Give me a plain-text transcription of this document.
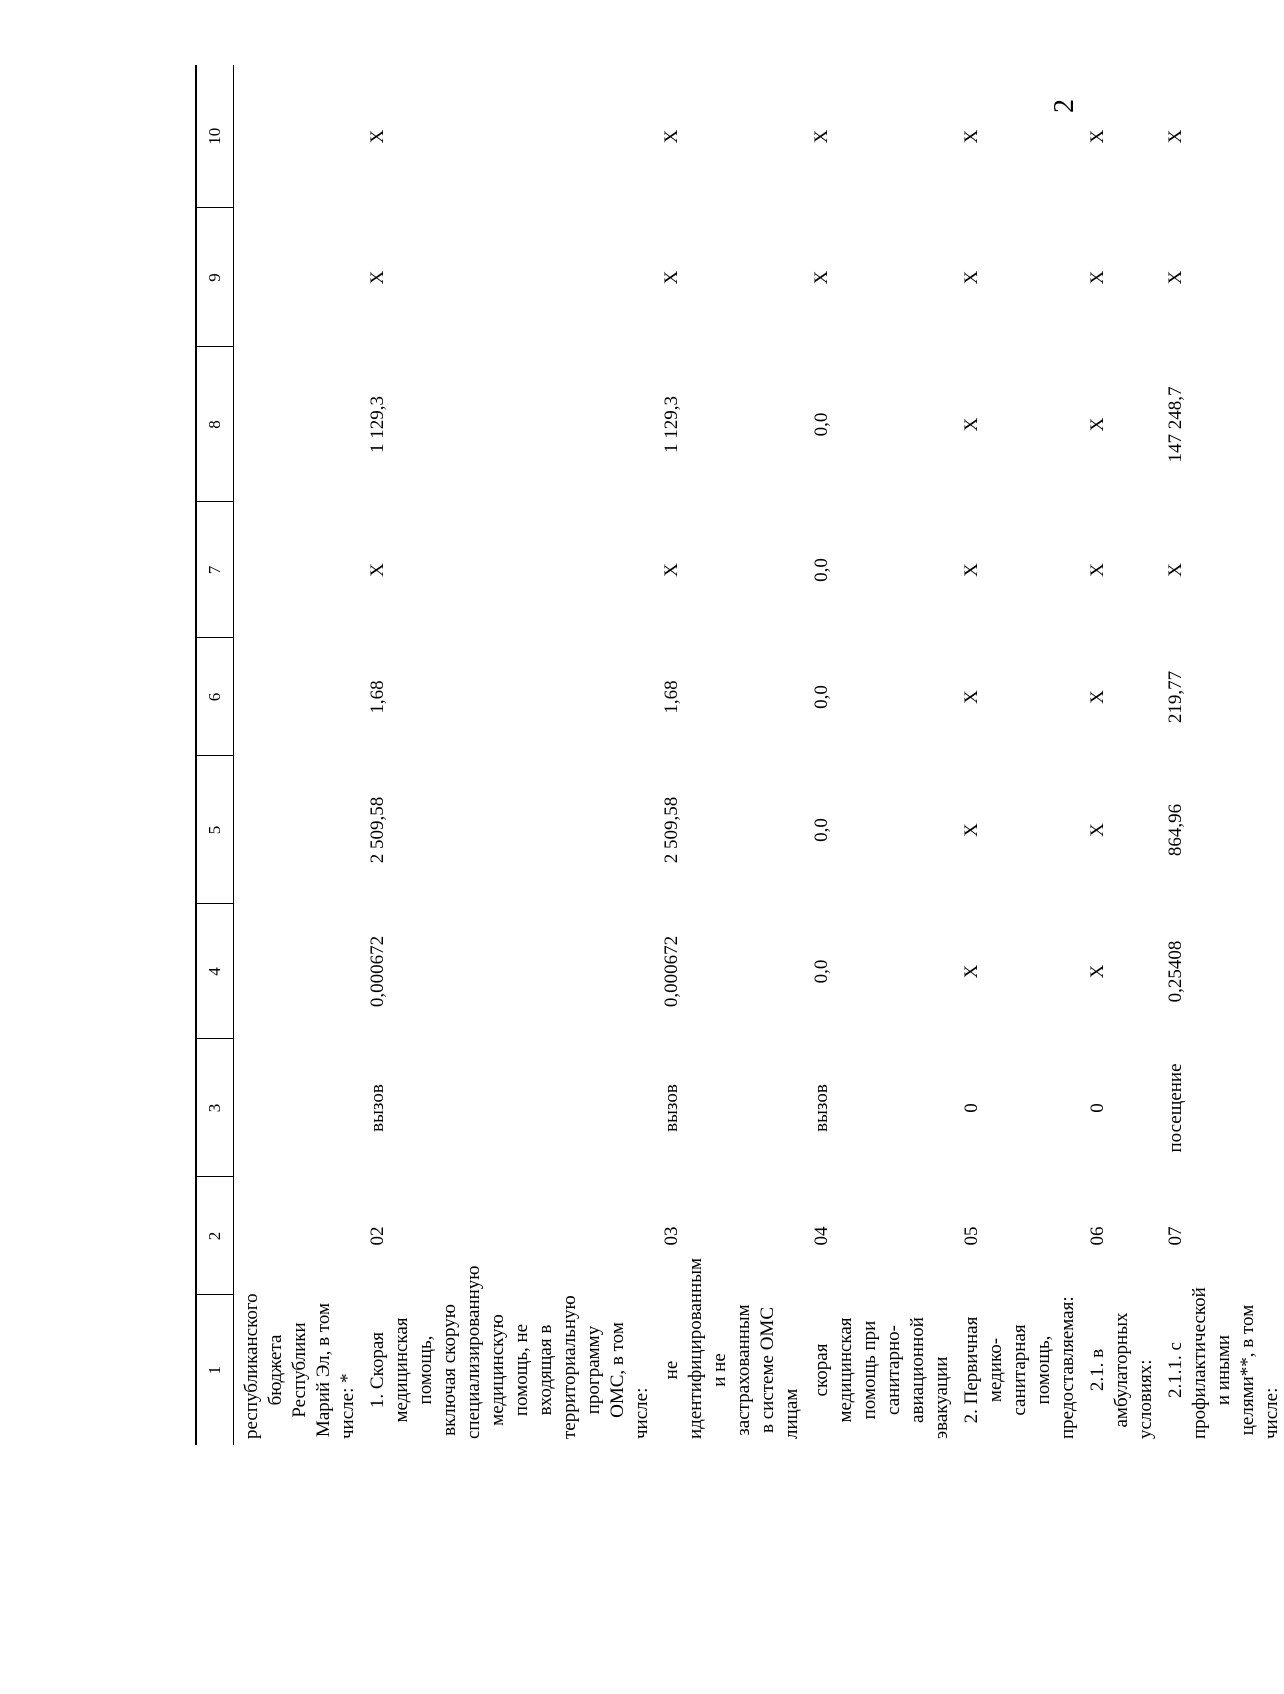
2
1	2	3	4	5	6	7	8	9	10
республиканского бюджета Республики Марий Эл, в том числе: *									
1. Скорая медицинская помощь, включая скорую специализированную медицинскую помощь, не входящая в территориальную программу ОМС, в том числе:	02	вызов	0,000672	2 509,58	1,68	Х	1 129,3	Х	Х
не идентифицированным и не застрахованным в системе ОМС лицам	03	вызов	0,000672	2 509,58	1,68	Х	1 129,3	Х	Х
скорая медицинская помощь при санитарно-авиационной эвакуации	04	вызов	0,0	0,0	0,0	0,0	0,0	Х	Х
2. Первичная медико-санитарная помощь, предоставляемая:	05	0	Х	Х	Х	Х	Х	Х	Х
2.1. в амбулаторных условиях:	06	0	Х	Х	Х	Х	Х	Х	Х
2.1.1. с профилактической и иными целями**, в том числе:	07	посещение	0,25408	864,96	219,77	Х	147 248,7	Х	Х
